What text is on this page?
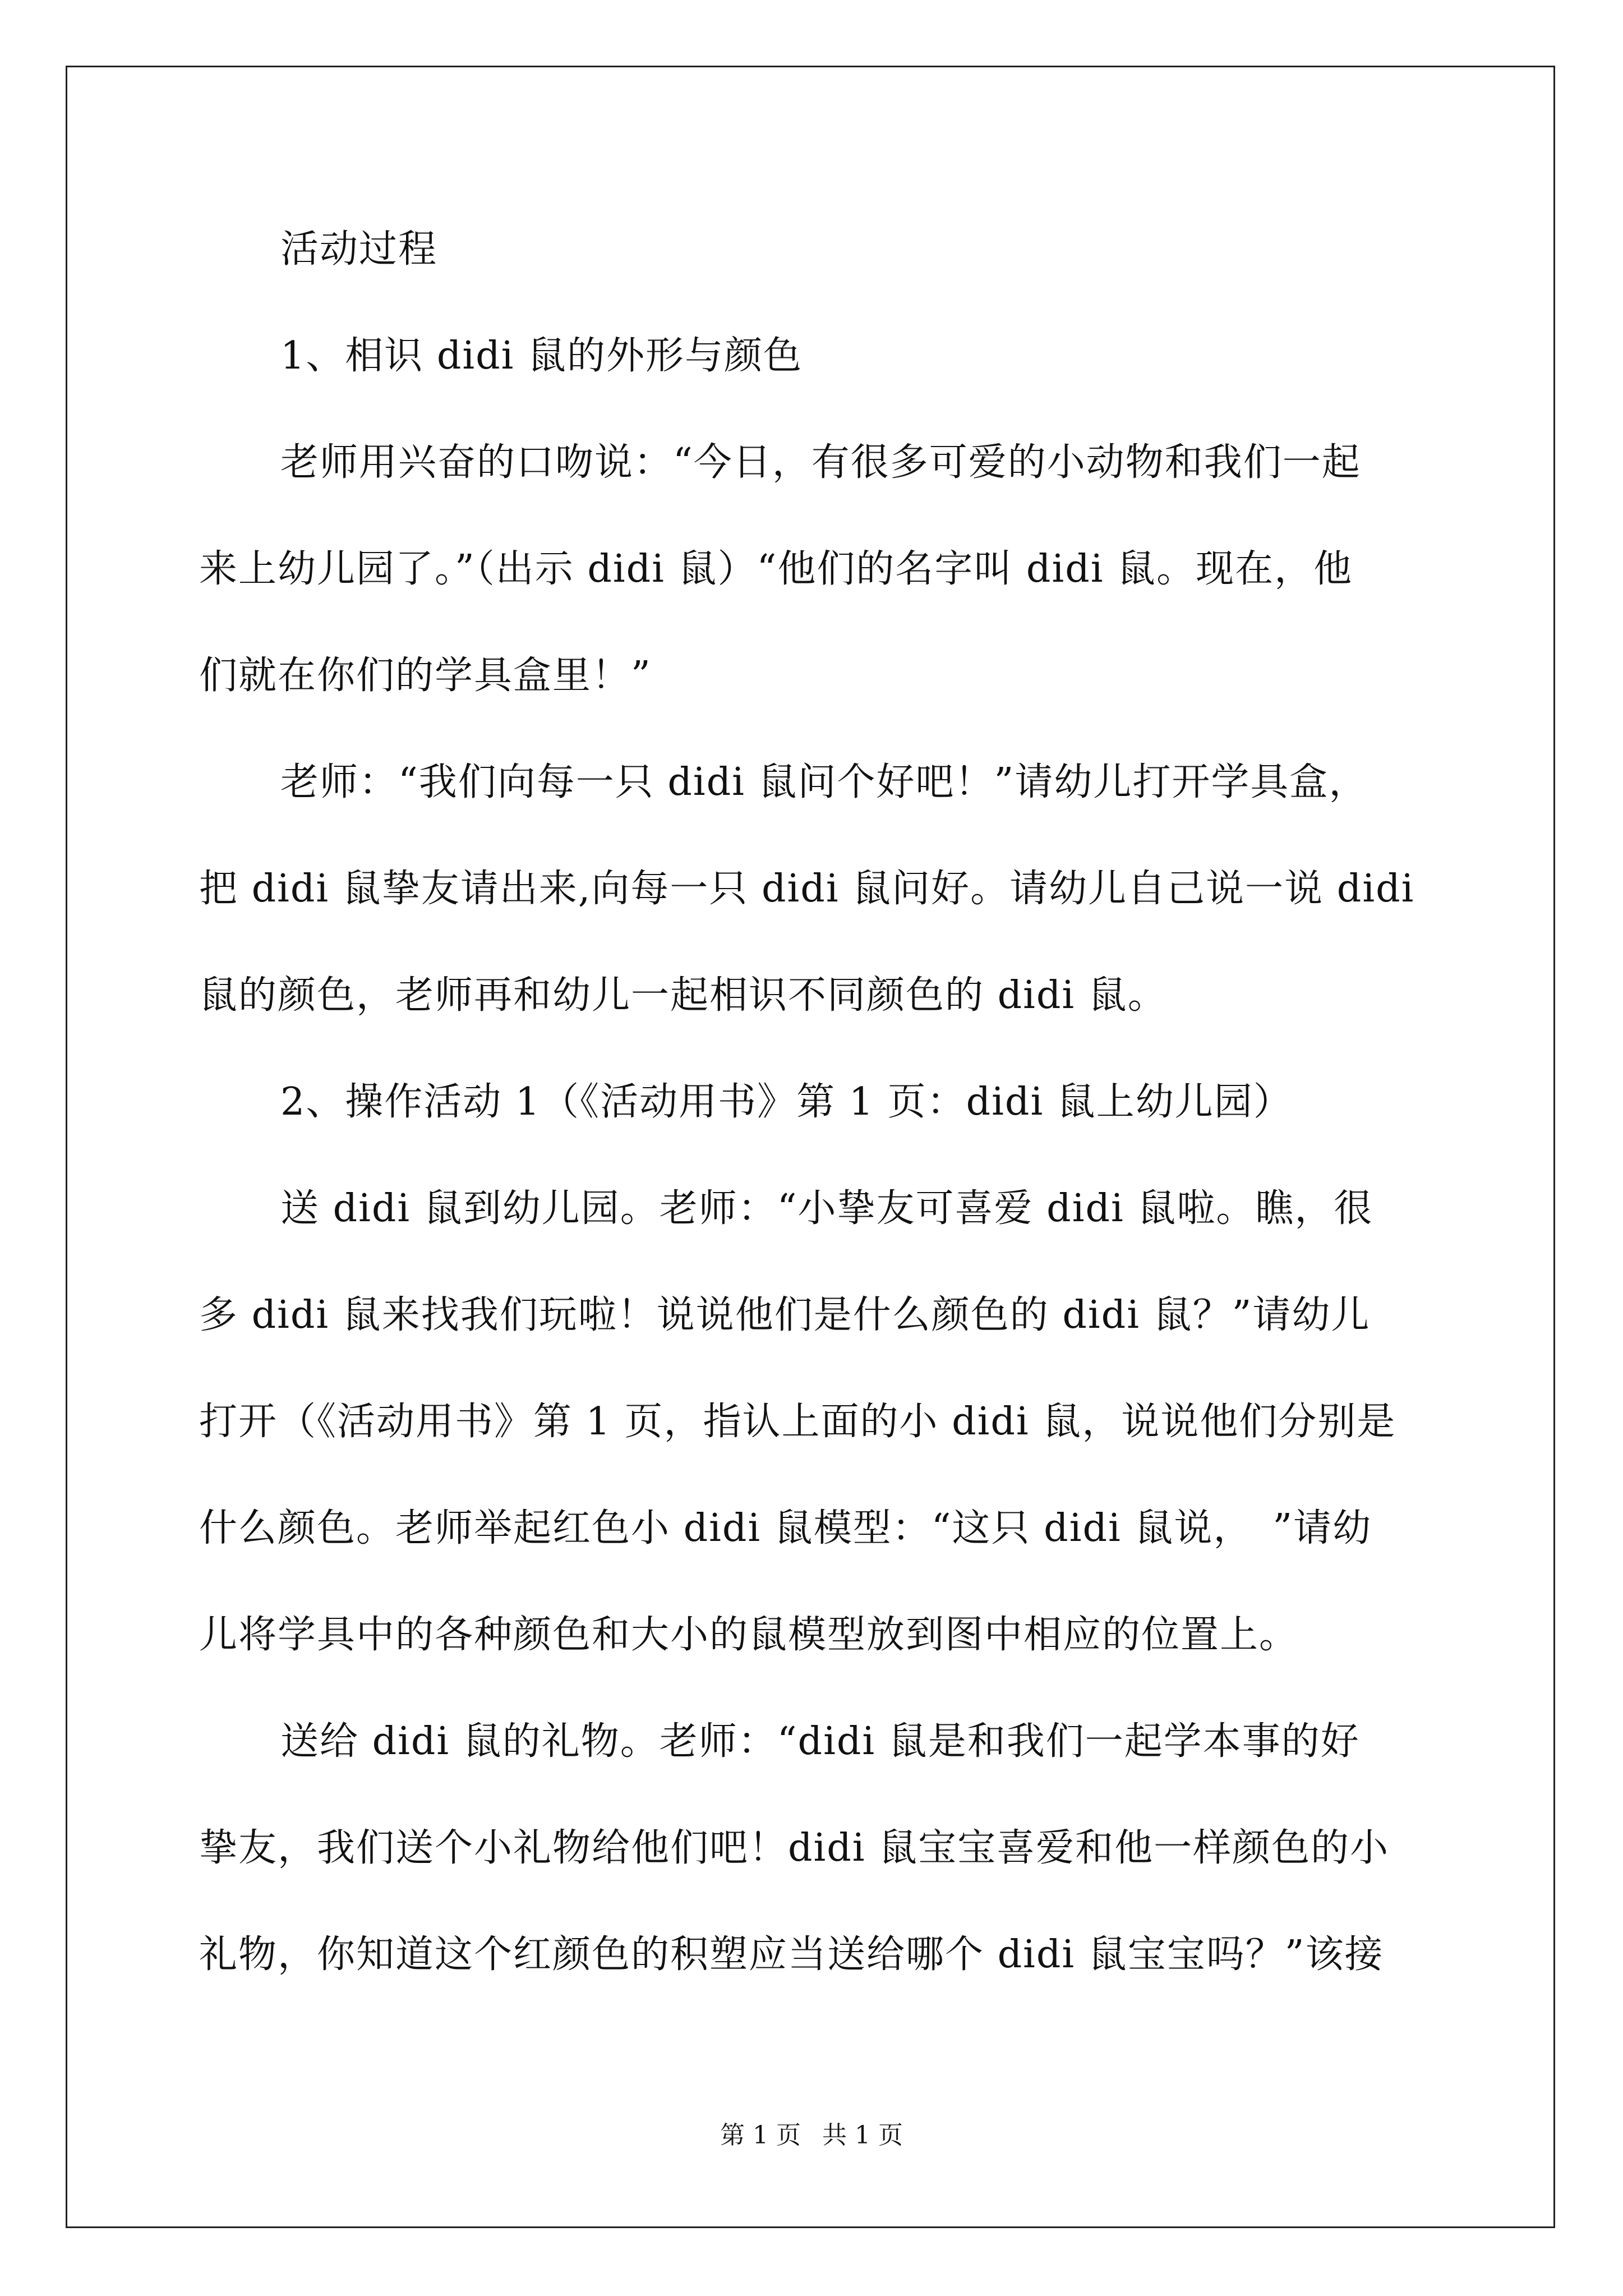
活动过程
1、相识 didi 鼠的外形与颜色
老师用兴奋的口吻说：“今日，有很多可爱的小动物和我们一起
来上幼儿园了。”（出示 didi 鼠）“他们的名字叫 didi 鼠。现在，他
们就在你们的学具盒里！”
老师：“我们向每一只 didi 鼠问个好吧！”请幼儿打开学具盒，
把 didi 鼠挚友请出来,向每一只 didi 鼠问好。请幼儿自己说一说 didi
鼠的颜色，老师再和幼儿一起相识不同颜色的 didi 鼠。
2、操作活动 1（《活动用书》第 1 页：didi 鼠上幼儿园）
送 didi 鼠到幼儿园。老师：“小挚友可喜爱 didi 鼠啦。瞧，很
多 didi 鼠来找我们玩啦！说说他们是什么颜色的 didi 鼠？”请幼儿
打开（《活动用书》第 1 页，指认上面的小 didi 鼠，说说他们分别是
什么颜色。老师举起红色小 didi 鼠模型：“这只 didi 鼠说，　”请幼
儿将学具中的各种颜色和大小的鼠模型放到图中相应的位置上。
送给 didi 鼠的礼物。老师：“didi 鼠是和我们一起学本事的好
挚友，我们送个小礼物给他们吧！didi 鼠宝宝喜爱和他一样颜色的小
礼物，你知道这个红颜色的积塑应当送给哪个 didi 鼠宝宝吗？”该接
第 1 页 共 1 页
